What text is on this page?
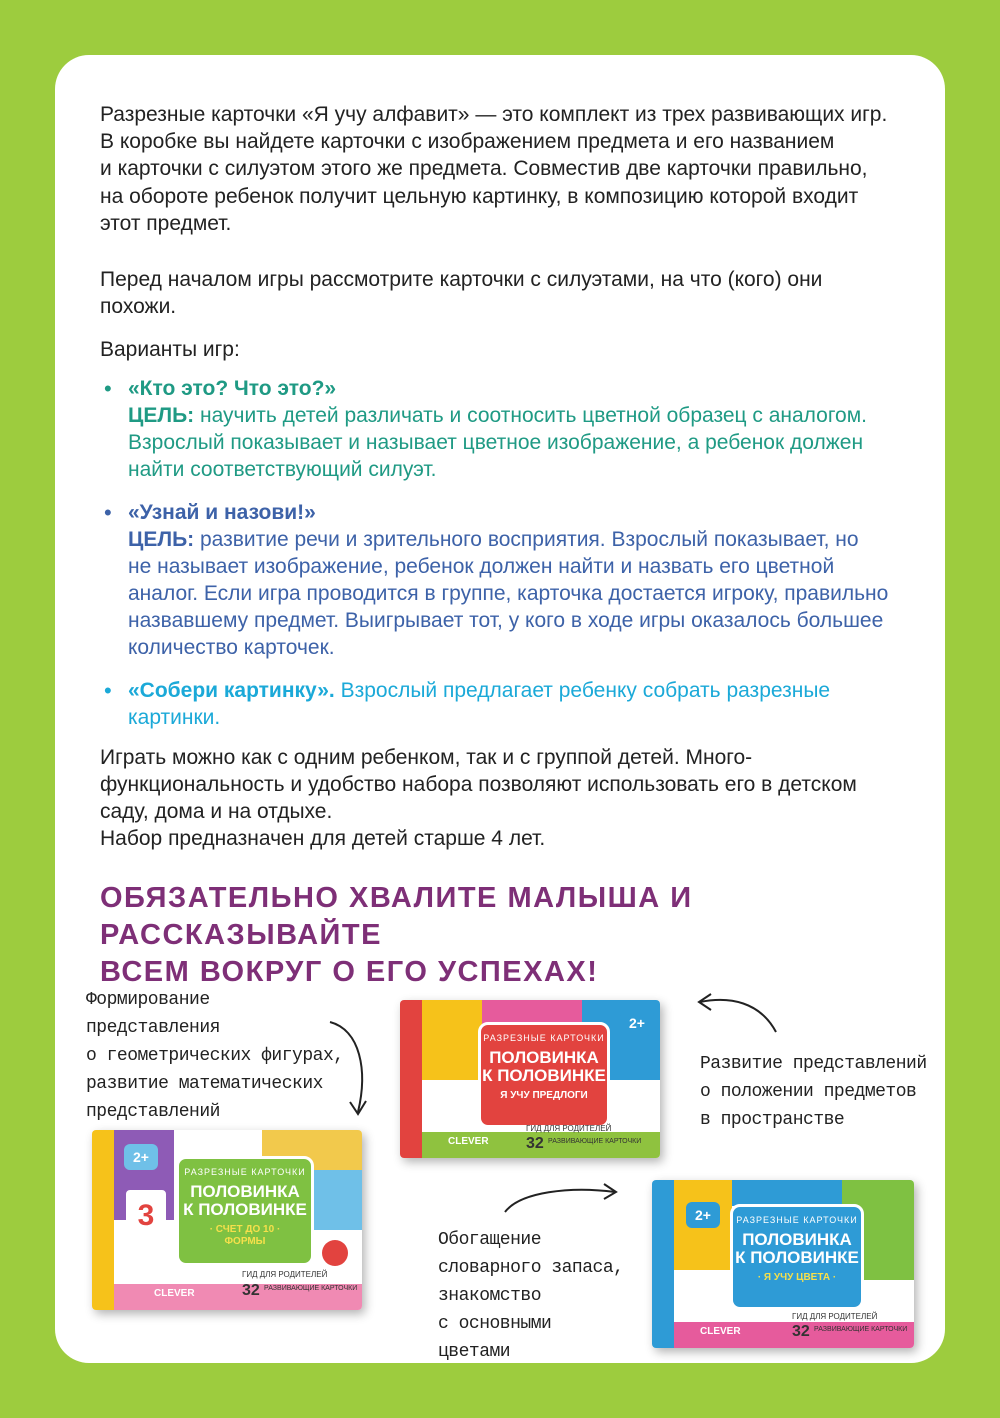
Разрезные карточки «Я учу алфавит» — это комплект из трех развивающих игр.

В коробке вы найдете карточки с изображением предмета и его названием

и карточки с силуэтом этого же предмета. Совместив две карточки правильно,

на обороте ребенок получит цельную картинку, в композицию которой входит

этот предмет.

Перед началом игры рассмотрите карточки с силуэтами, на что (кого) они

похожи.

Варианты игр:

• «Кто это? Что это?»

ЦЕЛЬ: научить детей различать и соотносить цветной образец с аналогом.

Взрослый показывает и называет цветное изображение, а ребенок должен

найти соответствующий силуэт.

• «Узнай и назови!»

ЦЕЛЬ: развитие речи и зрительного восприятия. Взрослый показывает, но

не называет изображение, ребенок должен найти и назвать его цветной

аналог. Если игра проводится в группе, карточка достается игроку, правильно

назвавшему предмет. Выигрывает тот, у кого в ходе игры оказалось большее

количество карточек.

• «Собери картинку». Взрослый предлагает ребенку собрать разрезные

картинки.

Играть можно как с одним ребенком, так и с группой детей. Много-

функциональность и удобство набора позволяют использовать его в детском

саду, дома и на отдыхе.

Набор предназначен для детей старше 4 лет.

ОБЯЗАТЕЛЬНО ХВАЛИТЕ МАЛЫША И РАССКАЗЫВАЙТЕ
ВСЕМ ВОКРУГ О ЕГО УСПЕХАХ!
Формирование
представления
о геометрических фигурах,
развитие математических
представлений
Развитие представлений
о положении предметов
в пространстве
Обогащение
словарного запаса,
знакомство
с основными
цветами
РАЗРЕЗНЫЕ КАРТОЧКИ
ПОЛОВИНКА
К ПОЛОВИНКЕ
Я УЧУ ПРЕДЛОГИ
2+
CLEVER
ГИД ДЛЯ РОДИТЕЛЕЙ
32 РАЗВИВАЮЩИЕ КАРТОЧКИ
3
РАЗРЕЗНЫЕ КАРТОЧКИ
ПОЛОВИНКА
К ПОЛОВИНКЕ
· СЧЕТ ДО 10 ·
ФОРМЫ
2+
CLEVER
ГИД ДЛЯ РОДИТЕЛЕЙ
32 РАЗВИВАЮЩИЕ КАРТОЧКИ
РАЗРЕЗНЫЕ КАРТОЧКИ
ПОЛОВИНКА
К ПОЛОВИНКЕ
· Я УЧУ ЦВЕТА ·
2+
CLEVER
ГИД ДЛЯ РОДИТЕЛЕЙ
32 РАЗВИВАЮЩИЕ КАРТОЧКИ
